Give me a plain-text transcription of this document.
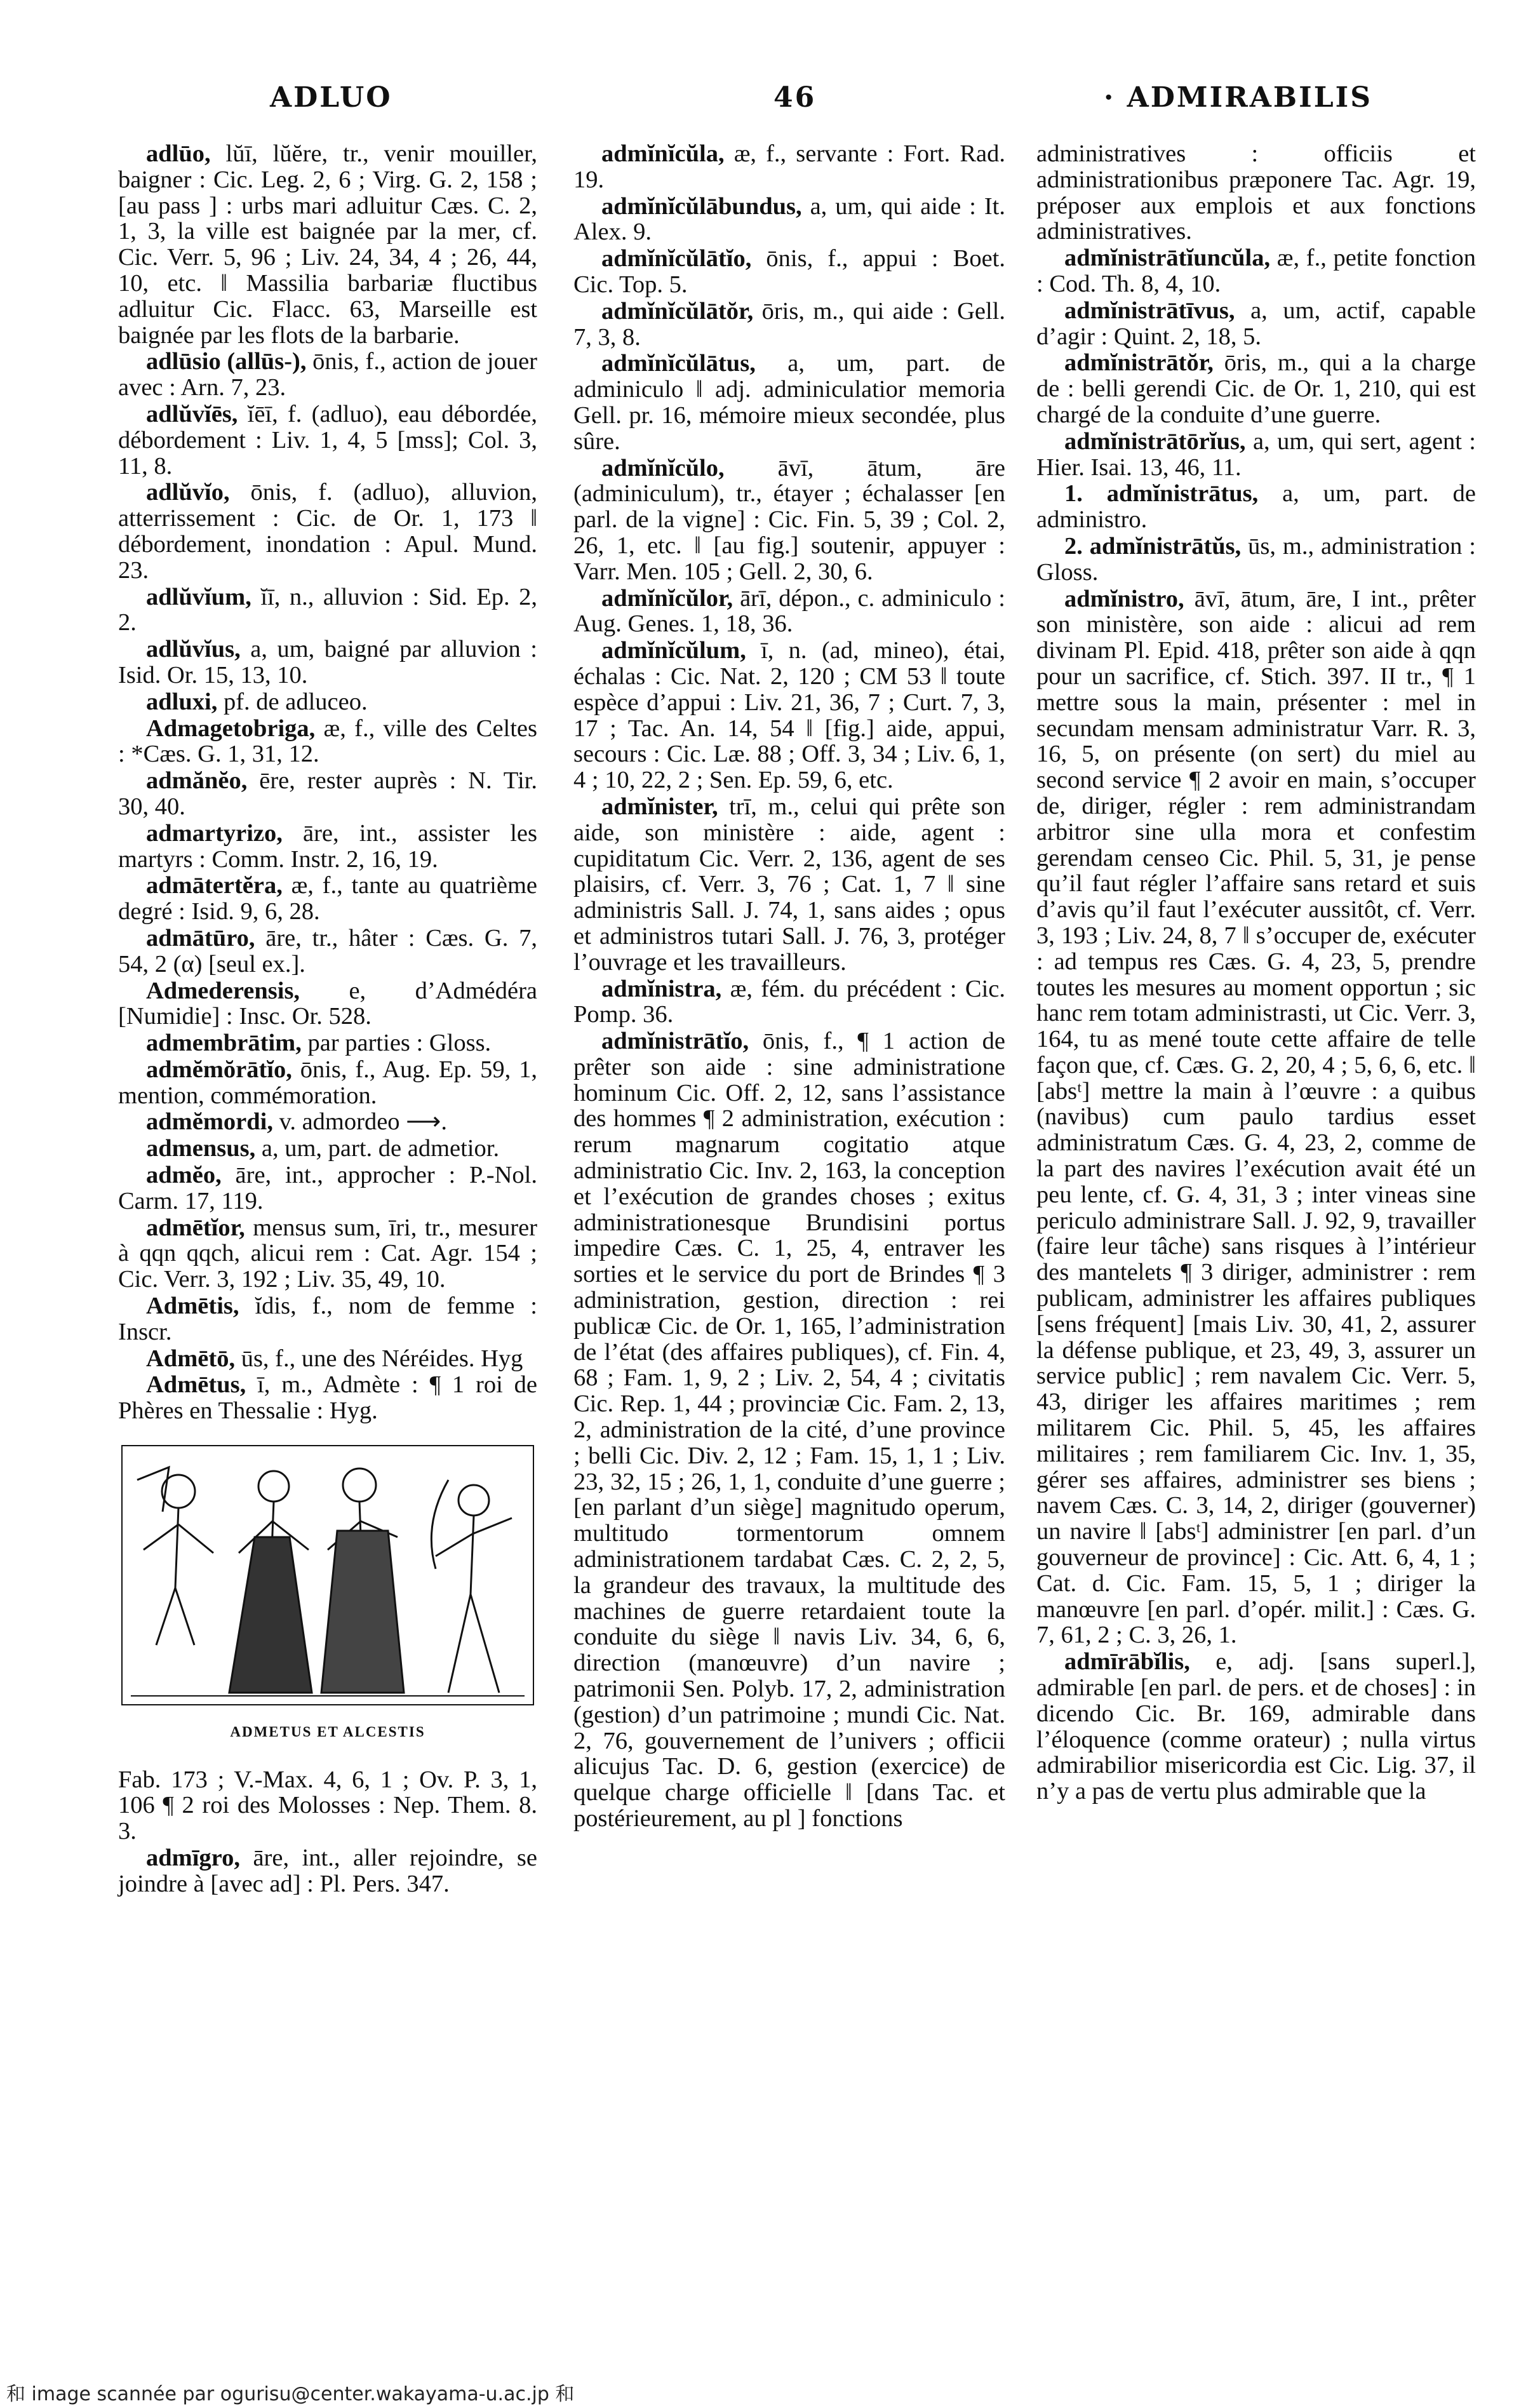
ADLUO	46	· ADMIRABILIS

adlūo, lŭī, lŭĕre, tr., venir mouiller, baigner : Cic. Leg. 2, 6 ; Virg. G. 2, 158 ; [au pass ] : urbs mari adluitur Cæs. C. 2, 1, 3, la ville est baignée par la mer, cf. Cic. Verr. 5, 96 ; Liv. 24, 34, 4 ; 26, 44, 10, etc. ‖ Massilia barbariæ fluctibus adluitur Cic. Flacc. 63, Marseille est baignée par les flots de la barbarie.

adlūsio (allūs-), ōnis, f., action de jouer avec : Arn. 7, 23.

adlŭvĭēs, ĭēī, f. (adluo), eau débordée, débordement : Liv. 1, 4, 5 [mss]; Col. 3, 11, 8.

adlŭvĭo, ōnis, f. (adluo), alluvion, atterrissement : Cic. de Or. 1, 173 ‖ débordement, inondation : Apul. Mund. 23.

adlŭvĭum, ĭī, n., alluvion : Sid. Ep. 2, 2.

adlŭvĭus, a, um, baigné par alluvion : Isid. Or. 15, 13, 10.

adluxi, pf. de adluceo.

Admagetobriga, æ, f., ville des Celtes : *Cæs. G. 1, 31, 12.

admănĕo, ēre, rester auprès : N. Tir. 30, 40.

admartyrizo, āre, int., assister les martyrs : Comm. Instr. 2, 16, 19.

admātertĕra, æ, f., tante au quatrième degré : Isid. 9, 6, 28.

admātūro, āre, tr., hâter : Cæs. G. 7, 54, 2 (α) [seul ex.].

Admederensis, e, d’Admédéra [Numidie] : Insc. Or. 528.

admembrātim, par parties : Gloss.

admĕmŏrātĭo, ōnis, f., Aug. Ep. 59, 1, mention, commémoration.

admĕmordi, v. admordeo ⟶.

admensus, a, um, part. de admetior.

admĕo, āre, int., approcher : P.-Nol. Carm. 17, 119.

admētĭor, mensus sum, īri, tr., mesurer à qqn qqch, alicui rem : Cat. Agr. 154 ; Cic. Verr. 3, 192 ; Liv. 35, 49, 10.

Admētis, ĭdis, f., nom de femme : Inscr.

Admētō, ūs, f., une des Néréides. Hyg

Admētus, ī, m., Admète : ¶ 1 roi de Phères en Thessalie : Hyg.

ADMETUS ET ALCESTIS

Fab. 173 ; V.-Max. 4, 6, 1 ; Ov. P. 3, 1, 106 ¶ 2 roi des Molosses : Nep. Them. 8. 3.

admīgro, āre, int., aller rejoindre, se joindre à [avec ad] : Pl. Pers. 347.

admĭnĭcŭla, æ, f., servante : Fort. Rad. 19.

admĭnĭcŭlābundus, a, um, qui aide : It. Alex. 9.

admĭnĭcŭlātĭo, ōnis, f., appui : Boet. Cic. Top. 5.

admĭnĭcŭlātŏr, ōris, m., qui aide : Gell. 7, 3, 8.

admĭnĭcŭlātus, a, um, part. de adminiculo ‖ adj. adminiculatior memoria Gell. pr. 16, mémoire mieux secondée, plus sûre.

admĭnĭcŭlo, āvī, ātum, āre (adminiculum), tr., étayer ; échalasser [en parl. de la vigne] : Cic. Fin. 5, 39 ; Col. 2, 26, 1, etc. ‖ [au fig.] soutenir, appuyer : Varr. Men. 105 ; Gell. 2, 30, 6.

admĭnĭcŭlor, ārī, dépon., c. adminiculo : Aug. Genes. 1, 18, 36.

admĭnĭcŭlum, ī, n. (ad, mineo), étai, échalas : Cic. Nat. 2, 120 ; CM 53 ‖ toute espèce d’appui : Liv. 21, 36, 7 ; Curt. 7, 3, 17 ; Tac. An. 14, 54 ‖ [fig.] aide, appui, secours : Cic. Læ. 88 ; Off. 3, 34 ; Liv. 6, 1, 4 ; 10, 22, 2 ; Sen. Ep. 59, 6, etc.

admĭnister, trī, m., celui qui prête son aide, son ministère : aide, agent : cupiditatum Cic. Verr. 2, 136, agent de ses plaisirs, cf. Verr. 3, 76 ; Cat. 1, 7 ‖ sine administris Sall. J. 74, 1, sans aides ; opus et administros tutari Sall. J. 76, 3, protéger l’ouvrage et les travailleurs.

admĭnistra, æ, fém. du précédent : Cic. Pomp. 36.

admĭnistrātĭo, ōnis, f., ¶ 1 action de prêter son aide : sine administratione hominum Cic. Off. 2, 12, sans l’assistance des hommes ¶ 2 administration, exécution : rerum magnarum cogitatio atque administratio Cic. Inv. 2, 163, la conception et l’exécution de grandes choses ; exitus administrationesque Brundisini portus impedire Cæs. C. 1, 25, 4, entraver les sorties et le service du port de Brindes ¶ 3 administration, gestion, direction : rei publicæ Cic. de Or. 1, 165, l’administration de l’état (des affaires publiques), cf. Fin. 4, 68 ; Fam. 1, 9, 2 ; Liv. 2, 54, 4 ; civitatis Cic. Rep. 1, 44 ; provinciæ Cic. Fam. 2, 13, 2, administration de la cité, d’une province ; belli Cic. Div. 2, 12 ; Fam. 15, 1, 1 ; Liv. 23, 32, 15 ; 26, 1, 1, conduite d’une guerre ; [en parlant d’un siège] magnitudo operum, multitudo tormentorum omnem administrationem tardabat Cæs. C. 2, 2, 5, la grandeur des travaux, la multitude des machines de guerre retardaient toute la conduite du siège ‖ navis Liv. 34, 6, 6, direction (manœuvre) d’un navire ; patrimonii Sen. Polyb. 17, 2, administration (gestion) d’un patrimoine ; mundi Cic. Nat. 2, 76, gouvernement de l’univers ; officii alicujus Tac. D. 6, gestion (exercice) de quelque charge officielle ‖ [dans Tac. et postérieurement, au pl ] fonctions

administratives : officiis et administrationibus præponere Tac. Agr. 19, préposer aux emplois et aux fonctions administratives.

admĭnistrātĭuncŭla, æ, f., petite fonction : Cod. Th. 8, 4, 10.

admĭnistrātīvus, a, um, actif, capable d’agir : Quint. 2, 18, 5.

admĭnistrātŏr, ōris, m., qui a la charge de : belli gerendi Cic. de Or. 1, 210, qui est chargé de la conduite d’une guerre.

admĭnistrātōrĭus, a, um, qui sert, agent : Hier. Isai. 13, 46, 11.

1. admĭnistrātus, a, um, part. de administro.

2. admĭnistrātŭs, ūs, m., administration : Gloss.

admĭnistro, āvī, ātum, āre, I int., prêter son ministère, son aide : alicui ad rem divinam Pl. Epid. 418, prêter son aide à qqn pour un sacrifice, cf. Stich. 397. II tr., ¶ 1 mettre sous la main, présenter : mel in secundam mensam administratur Varr. R. 3, 16, 5, on présente (on sert) du miel au second service ¶ 2 avoir en main, s’occuper de, diriger, régler : rem administrandam arbitror sine ulla mora et confestim gerendam censeo Cic. Phil. 5, 31, je pense qu’il faut régler l’affaire sans retard et suis d’avis qu’il faut l’exécuter aussitôt, cf. Verr. 3, 193 ; Liv. 24, 8, 7 ‖ s’occuper de, exécuter : ad tempus res Cæs. G. 4, 23, 5, prendre toutes les mesures au moment opportun ; sic hanc rem totam administrasti, ut Cic. Verr. 3, 164, tu as mené toute cette affaire de telle façon que, cf. Cæs. G. 2, 20, 4 ; 5, 6, 6, etc. ‖ [absᵗ] mettre la main à l’œuvre : a quibus (navibus) cum paulo tardius esset administratum Cæs. G. 4, 23, 2, comme de la part des navires l’exécution avait été un peu lente, cf. G. 4, 31, 3 ; inter vineas sine periculo administrare Sall. J. 92, 9, travailler (faire leur tâche) sans risques à l’intérieur des mantelets ¶ 3 diriger, administrer : rem publicam, administrer les affaires publiques [sens fréquent] [mais Liv. 30, 41, 2, assurer la défense publique, et 23, 49, 3, assurer un service public] ; rem navalem Cic. Verr. 5, 43, diriger les affaires maritimes ; rem militarem Cic. Phil. 5, 45, les affaires militaires ; rem familiarem Cic. Inv. 1, 35, gérer ses affaires, administrer ses biens ; navem Cæs. C. 3, 14, 2, diriger (gouverner) un navire ‖ [absᵗ] administrer [en parl. d’un gouverneur de province] : Cic. Att. 6, 4, 1 ; Cat. d. Cic. Fam. 15, 5, 1 ; diriger la manœuvre [en parl. d’opér. milit.] : Cæs. G. 7, 61, 2 ; C. 3, 26, 1.

admīrābĭlis, e, adj. [sans superl.], admirable [en parl. de pers. et de choses] : in dicendo Cic. Br. 169, admirable dans l’éloquence (comme orateur) ; nulla virtus admirabilior misericordia est Cic. Lig. 37, il n’y a pas de vertu plus admirable que la

和 image scannée par ogurisu@center.wakayama-u.ac.jp 和
